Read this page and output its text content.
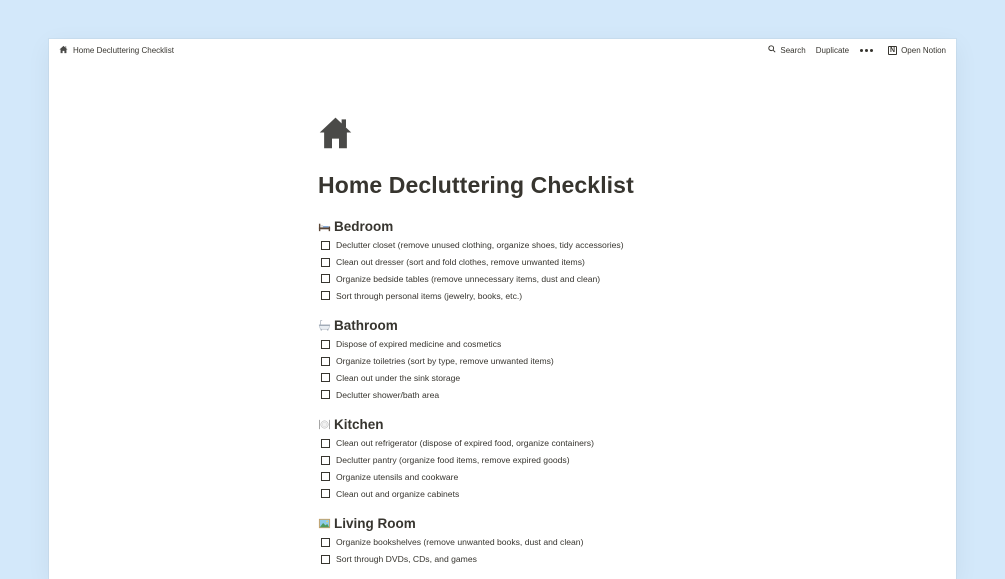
Home Decluttering Checklist	Search Duplicate	N Open Notion
Home Decluttering Checklist
Bedroom
Declutter closet (remove unused clothing, organize shoes, tidy accessories)
Clean out dresser (sort and fold clothes, remove unwanted items)
Organize bedside tables (remove unnecessary items, dust and clean)
Sort through personal items (jewelry, books, etc.)
Bathroom
Dispose of expired medicine and cosmetics
Organize toiletries (sort by type, remove unwanted items)
Clean out under the sink storage
Declutter shower/bath area
Kitchen
Clean out refrigerator (dispose of expired food, organize containers)
Declutter pantry (organize food items, remove expired goods)
Organize utensils and cookware
Clean out and organize cabinets
Living Room
Organize bookshelves (remove unwanted books, dust and clean)
Sort through DVDs, CDs, and games
